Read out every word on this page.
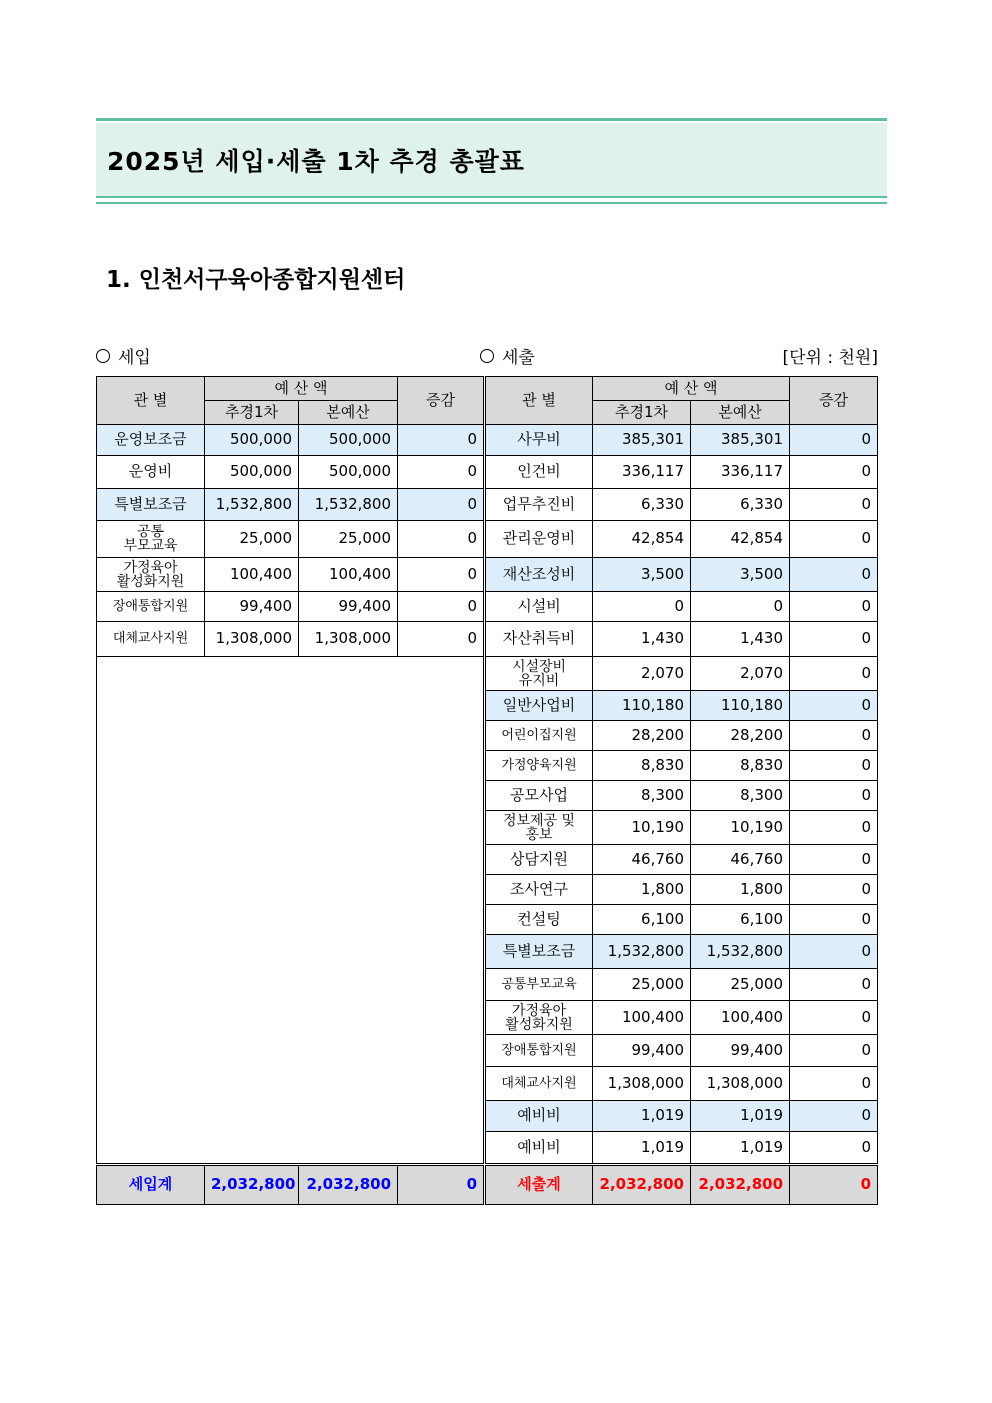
2025년 세입·세출 1차 추경 총괄표
1. 인천서구육아종합지원센터
세입	세출	[단위 : 천원]
관 별	예 산 액		증감
	추경1차	본예산	
운영보조금	500,000	500,000	0
운영비	500,000	500,000	0
특별보조금	1,532,800	1,532,800	0
공통
부모교육	25,000	25,000	0
가정육아
활성화지원	100,400	100,400	0
장애통합지원	99,400	99,400	0
대체교사지원	1,308,000	1,308,000	0

세입계	2,032,800	2,032,800	0
관 별	예 산 액		증감
	추경1차	본예산	
사무비	385,301	385,301	0
인건비	336,117	336,117	0
업무추진비	6,330	6,330	0
관리운영비	42,854	42,854	0
재산조성비	3,500	3,500	0
시설비	0	0	0
자산취득비	1,430	1,430	0
시설장비
유지비	2,070	2,070	0
일반사업비	110,180	110,180	0
어린이집지원	28,200	28,200	0
가정양육지원	8,830	8,830	0
공모사업	8,300	8,300	0
정보제공 및
홍보	10,190	10,190	0
상담지원	46,760	46,760	0
조사연구	1,800	1,800	0
컨설팅	6,100	6,100	0
특별보조금	1,532,800	1,532,800	0
공통부모교육	25,000	25,000	0
가정육아
활성화지원	100,400	100,400	0
장애통합지원	99,400	99,400	0
대체교사지원	1,308,000	1,308,000	0
예비비	1,019	1,019	0
예비비	1,019	1,019	0
세출계	2,032,800	2,032,800	0
